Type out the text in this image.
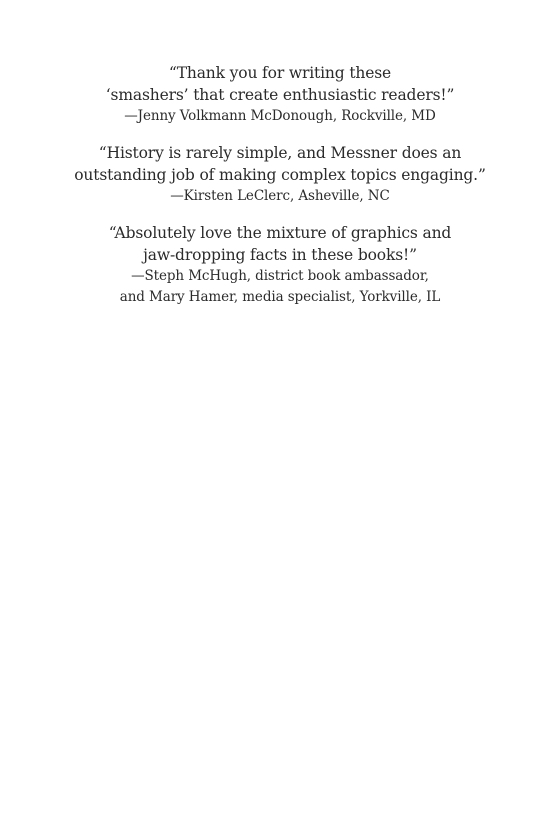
“Thank you for writing these
‘smashers’ that create enthusiastic readers!”
—Jenny Volkmann McDonough, Rockville, MD
“History is rarely simple, and Messner does an
outstanding job of making complex topics engaging.”
—Kirsten LeClerc, Asheville, NC
“Absolutely love the mixture of graphics and
jaw-dropping facts in these books!”
—Steph McHugh, district book ambassador,
and Mary Hamer, media specialist, Yorkville, IL
